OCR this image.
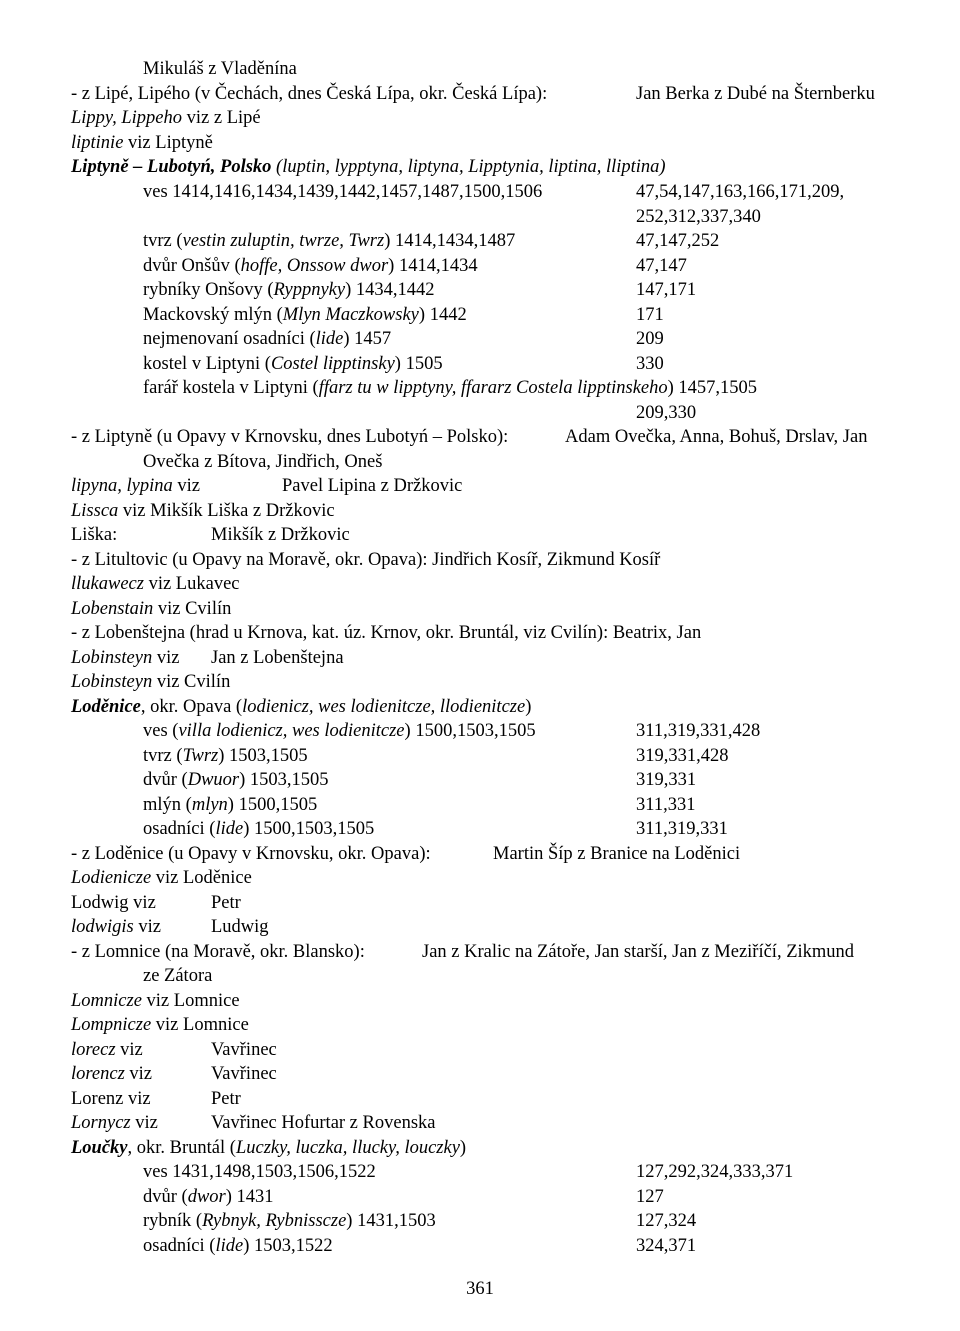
Mikuláš z Vladěnína
- z Lipé, Lipého (v Čechách, dnes Česká Lípa, okr. Česká Lípa):	Jan Berka z Dubé na Šternberku
Lippy, Lippeho viz z Lipé
liptinie viz Liptyně
Liptyně – Lubotyń, Polsko (luptin, lypptyna, liptyna, Lipptynia, liptina, lliptina)
ves 1414,1416,1434,1439,1442,1457,1487,1500,1506	47,54,147,163,166,171,209,
252,312,337,340
tvrz (vestin zuluptin, twrze, Twrz) 1414,1434,1487	47,147,252
dvůr Onšův (hoffe, Onssow dwor) 1414,1434	47,147
rybníky Onšovy (Ryppnyky) 1434,1442	147,171
Mackovský mlýn (Mlyn Maczkowsky) 1442	171
nejmenovaní osadníci (lide) 1457	209
kostel v Liptyni (Costel lipptinsky) 1505	330
farář kostela v Liptyni (ffarz tu w lipptyny, ffararz Costela lipptinskeho) 1457,1505
209,330
- z Liptyně (u Opavy v Krnovsku, dnes Lubotyń – Polsko):	Adam Ovečka, Anna, Bohuš, Drslav, Jan
Ovečka z Bítova, Jindřich, Oneš
lipyna, lypina viz	Pavel Lipina z Držkovic
Lissca viz Mikšík Liška z Držkovic
Liška:	Mikšík z Držkovic
- z Litultovic (u Opavy na Moravě, okr. Opava): Jindřich Kosíř, Zikmund Kosíř
llukawecz viz Lukavec
Lobenstain viz Cvilín
- z Lobenštejna (hrad u Krnova, kat. úz. Krnov, okr. Bruntál, viz Cvilín): Beatrix, Jan
Lobinsteyn viz Jan z Lobenštejna
Lobinsteyn viz Cvilín
Loděnice, okr. Opava (lodienicz, wes lodienitcze, llodienitcze)
ves (villa lodienicz, wes lodienitcze) 1500,1503,1505	311,319,331,428
tvrz (Twrz) 1503,1505	319,331,428
dvůr (Dwuor) 1503,1505	319,331
mlýn (mlyn) 1500,1505	311,331
osadníci (lide) 1500,1503,1505	311,319,331
- z Loděnice (u Opavy v Krnovsku, okr. Opava):	Martin Šíp z Branice na Loděnici
Lodienicze viz Loděnice
Lodwig viz	Petr
lodwigis viz	Ludwig
- z Lomnice (na Moravě, okr. Blansko):	Jan z Kralic na Zátoře, Jan starší, Jan z Meziříčí, Zikmund
ze Zátora
Lomnicze viz Lomnice
Lompnicze viz Lomnice
lorecz viz	Vavřinec
lorencz viz	Vavřinec
Lorenz viz	Petr
Lornycz viz	Vavřinec Hofurtar z Rovenska
Loučky, okr. Bruntál (Luczky, luczka, llucky, louczky)
ves 1431,1498,1503,1506,1522	127,292,324,333,371
dvůr (dwor) 1431	127
rybník (Rybnyk, Rybnisscze) 1431,1503	127,324
osadníci (lide) 1503,1522	324,371
361
